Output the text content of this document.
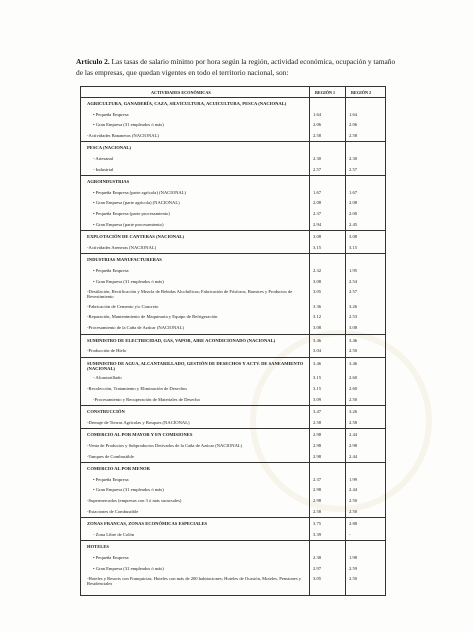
Artículo 2. Las tasas de salario mínimo por hora según la región, actividad económica, ocupación y tamaño de las empresas, que quedan vigentes en todo el territorio nacional, son:
ACTIVIDADES ECONÓMICAS	REGIÓN 1	REGIÓN 2
AGRICULTURA, GANADERÍA, CAZA, SILVICULTURA, ACUICULTURA, PESCA (NACIONAL)
• Pequeña Empresa	1.64	1.64
• Gran Empresa (31 empleados ó más)	2.06	2.06
-Actividades Bananeras (NACIONAL)	2.58	2.58
PESCA (NACIONAL)
- Artesanal	2.30	2.30
- Industrial	2.57	2.57
AGROINDUSTRIAS
• Pequeña Empresa (parte agrícola) (NACIONAL)	1.67	1.67
• Gran Empresa (parte agrícola) (NACIONAL)	2.08	2.08
• Pequeña Empresa (parte procesamiento)	2.37	2.00
• Gran Empresa (parte procesamiento)	2.94	2.45
EXPLOTACIÓN DE CANTERAS (NACIONAL)	3.08	3.08
-Actividades Areneras (NACIONAL)	3.15	3.15
INDUSTRIAS MANUFACTURERAS
• Pequeña Empresa	2.32	1.95
• Gran Empresa (31 empleados ó más)	3.08	2.54
-Destilación, Rectificación y Mezcla de Bebidas Alcohólicas; Fabricación de Fósforos, Barnices y Productos de Revestimiento
3.05	2.57
-Fabricación de Cemento y/o Concreto	3.36	3.26
-Reparación, Mantenimiento de Maquinaria y Equipo de Refrigeración	3.12	2.53
-Procesamiento de la Caña de Azúcar (NACIONAL)	3.08	3.08
SUMINISTRO DE ELECTRICIDAD, GAS, VAPOR, AIRE ACONDICIONADO (NACIONAL)	3.46	3.46
-Producción de Hielo	3.04	2.50
SUMINISTRO DE AGUA, ALCANTARILLADO, GESTIÓN DE DESECHOS Y ACTV. DE SANEAMIENTO (NACIONAL)
3.46	3.46
- Alcantarillado	3.15	2.60
-Recolección, Tratamiento y Eliminación de Desechos	3.15	2.60
-Procesamiento y Recuperación de Materiales de Desecho	3.09	2.50
CONSTRUCCIÓN	3.47	3.26
-Drenaje de Tierras Agrícolas y Bosques (NACIONAL)	2.58	2.58
COMERCIO AL POR MAYOR Y EN COMISIONES	2.98	2.44
-Venta de Productos y Subproductos Derivados de la Caña de Azúcar (NACIONAL)	2.98	2.98
-Tanques de Combustible	2.98	2.44
COMERCIO AL POR MENOR
• Pequeña Empresa	2.37	1.99
• Gran Empresa (31 empleados ó más)	2.98	2.44
-Supermercados (empresas con 3 ó más sucursales)	2.98	2.50
-Estaciones de Combustible	2.58	2.50
ZONAS FRANCAS, ZONAS ECONÓMICAS ESPECIALES	3.75	2.88
- Zona Libre de Colón	3.39	-
HOTELES
• Pequeña Empresa	2.38	1.98
• Gran Empresa (31 empleados ó más)	2.97	2.59
-Hoteles y Resorts con Franquicias; Hoteles con más de 200 habitaciones; Hoteles de Ocasión, Moteles, Pensiones y Residenciales
3.05	2.50
